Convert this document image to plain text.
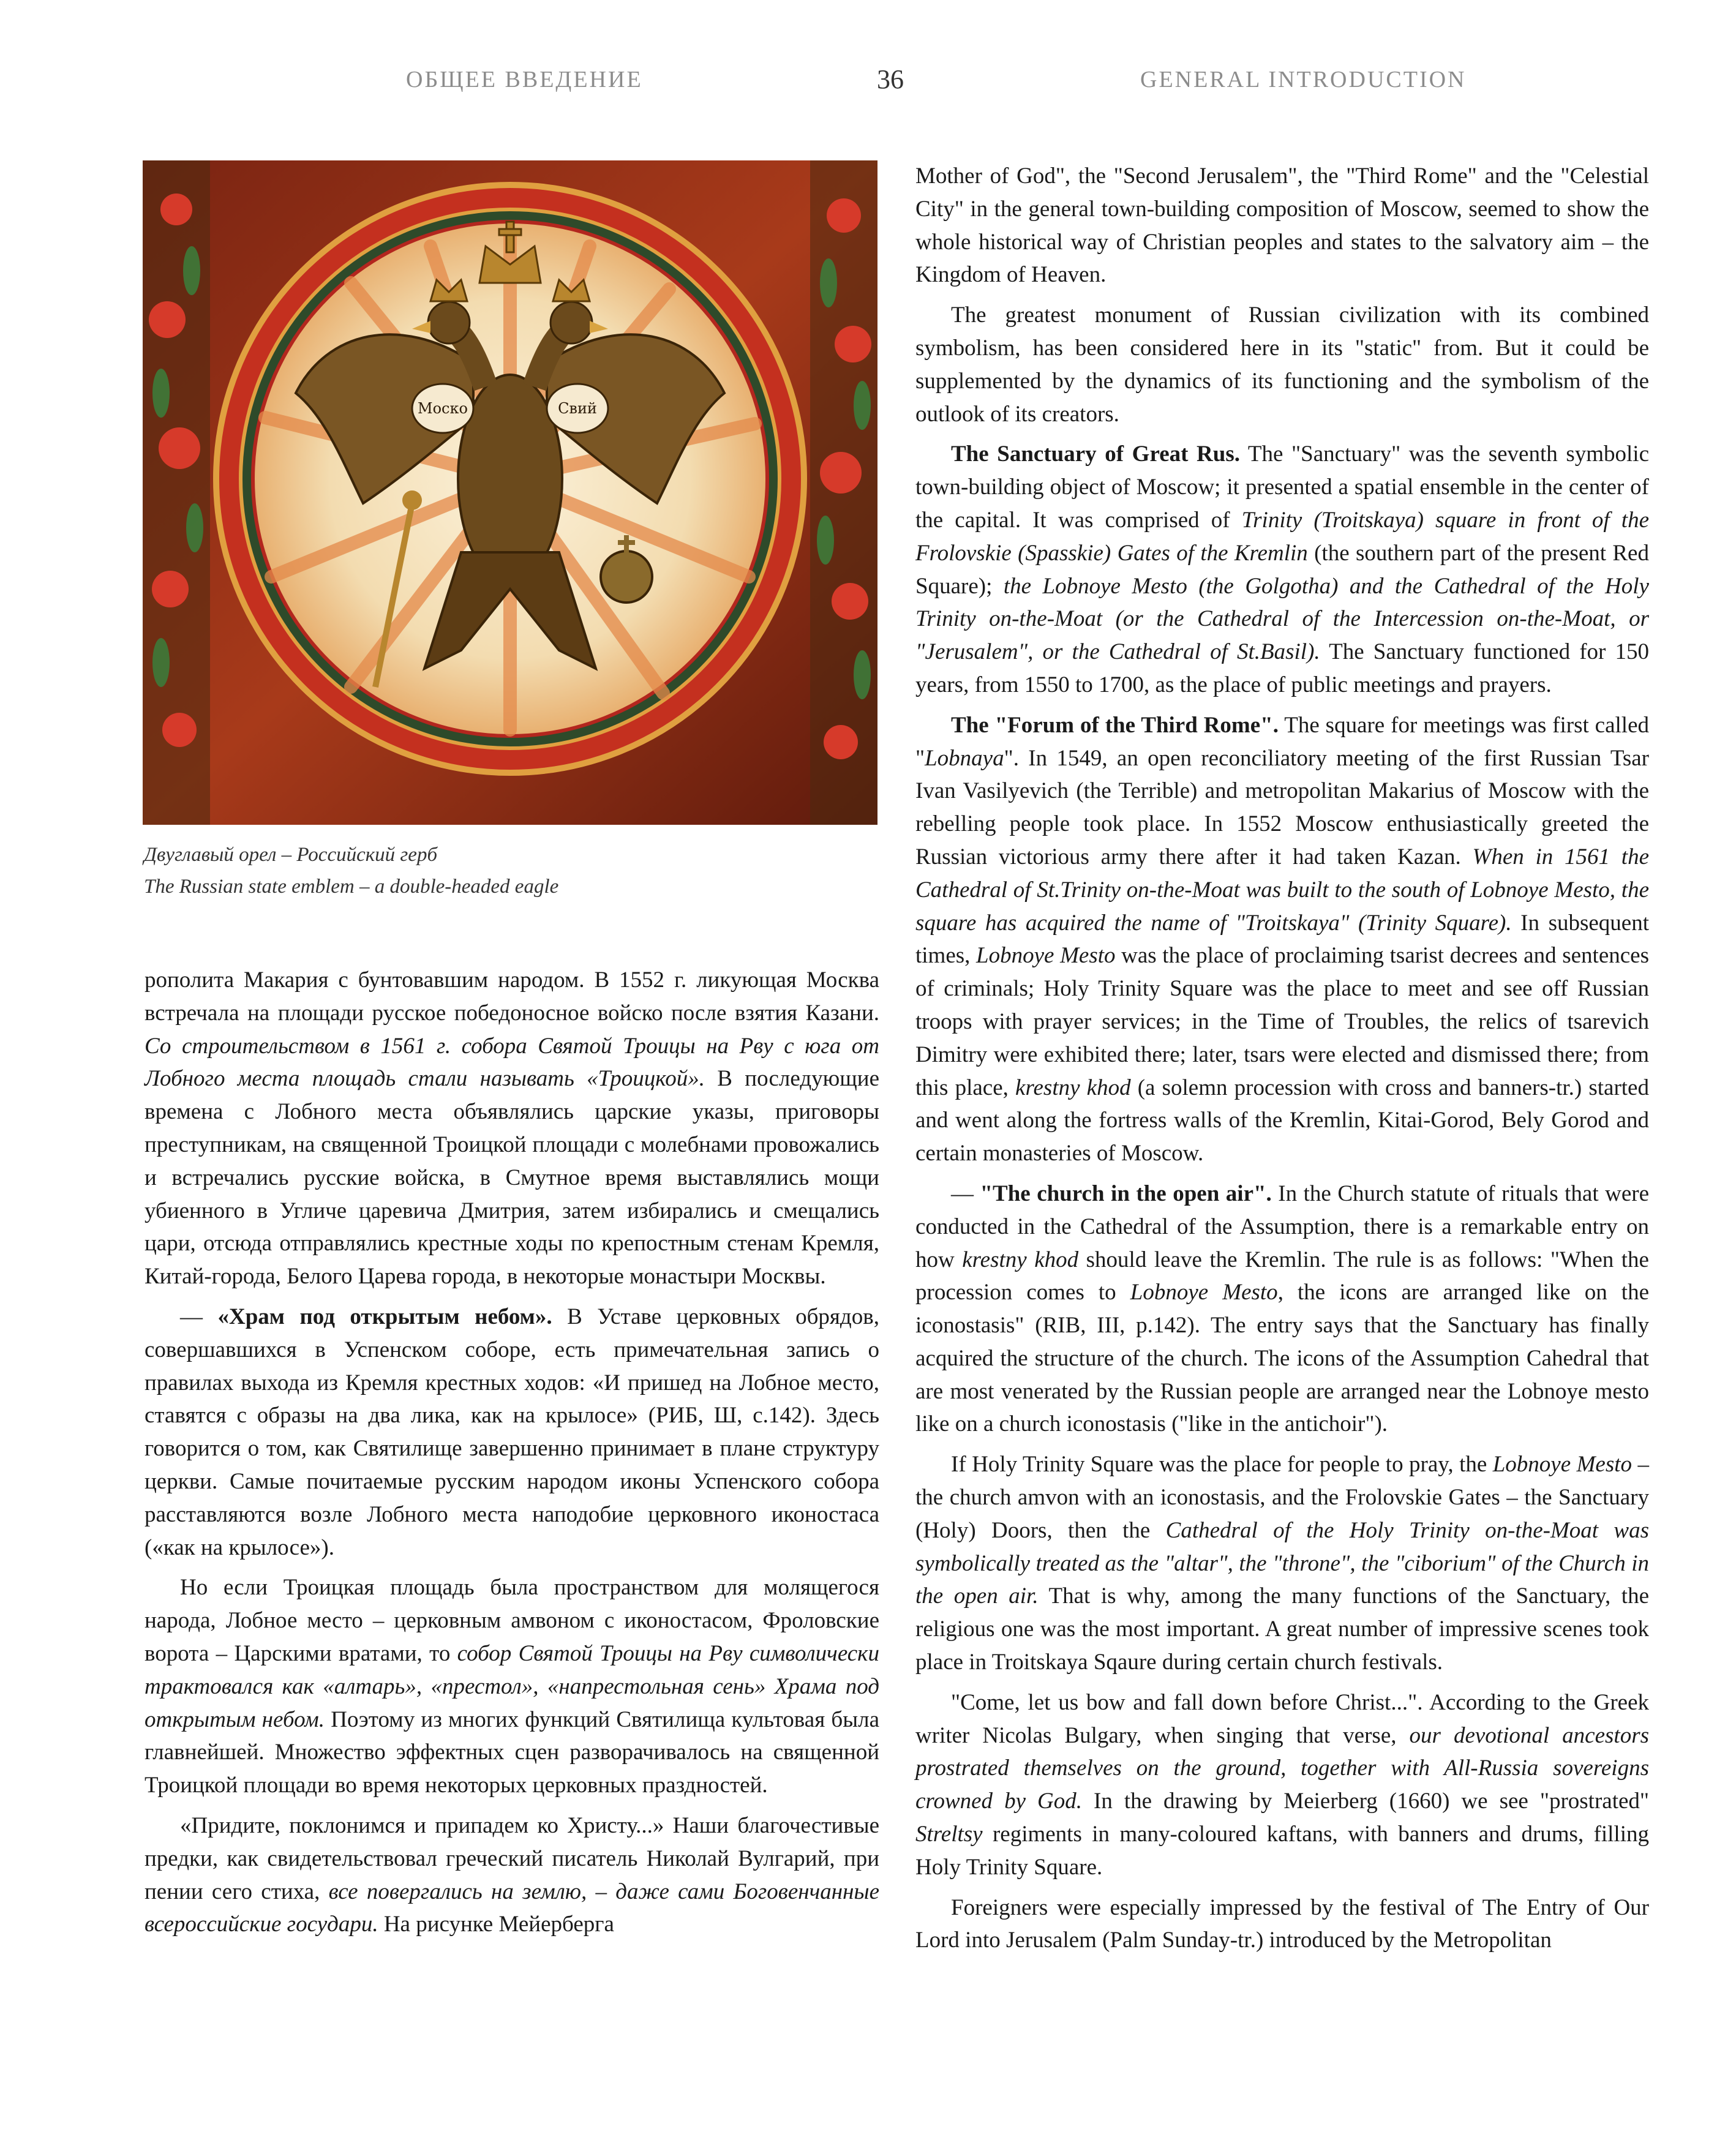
ОБЩЕЕ ВВЕДЕНИЕ	36	GENERAL INTRODUCTION
Моско	Свий
Двуглавый орел – Российский герб
The Russian state emblem – a double-headed eagle

рополита Макария с бунтовавшим народом. В 1552 г. ликующая Москва встречала на площади русское победоносное войско после взятия Казани. Со строительством в 1561 г. собора Святой Троицы на Рву с юга от Лобного места площадь стали называть «Троицкой». В последующие времена с Лобного места объявлялись царские указы, приговоры преступникам, на священной Троицкой площади с молебнами провожались и встречались русские войска, в Смутное время выставлялись мощи убиенного в Угличе царевича Дмитрия, затем избирались и смещались цари, отсюда отправлялись крестные ходы по крепостным стенам Кремля, Китай-города, Белого Царева города, в некоторые монастыри Москвы.

— «Храм под открытым небом». В Уставе церковных обрядов, совершавшихся в Успенском соборе, есть примечательная запись о правилах выхода из Кремля крестных ходов: «И пришед на Лобное место, ставятся с образы на два лика, как на крылосе» (РИБ, Ш, с.142). Здесь говорится о том, как Святилище завершенно принимает в плане структуру церкви. Самые почитаемые русским народом иконы Успенского собора расставляются возле Лобного места наподобие церковного иконостаса («как на крылосе»).

Но если Троицкая площадь была пространством для молящегося народа, Лобное место – церковным амвоном с иконостасом, Фроловские ворота – Царскими вратами, то собор Святой Троицы на Рву символически трактовался как «алтарь», «престол», «напрестольная сень» Храма под открытым небом. Поэтому из многих функций Святилища культовая была главнейшей. Множество эффектных сцен разворачивалось на священной Троицкой площади во время некоторых церковных праздностей.

«Придите, поклонимся и припадем ко Христу...» Наши благочестивые предки, как свидетельствовал греческий писатель Николай Вулгарий, при пении сего стиха, все повергались на землю, – даже сами Боговенчанные всероссийские государи. На рисунке Мейерберга

Mother of God", the "Second Jerusalem", the "Third Rome" and the "Celestial City" in the general town-building composition of Moscow, seemed to show the whole historical way of Christian peoples and states to the salvatory aim – the Kingdom of Heaven.

The greatest monument of Russian civilization with its combined symbolism, has been considered here in its "static" from. But it could be supplemented by the dynamics of its functioning and the symbolism of the outlook of its creators.

The Sanctuary of Great Rus. The "Sanctuary" was the seventh symbolic town-building object of Moscow; it presented a spatial ensemble in the center of the capital. It was comprised of Trinity (Troitskaya) square in front of the Frolovskie (Spasskie) Gates of the Kremlin (the southern part of the present Red Square); the Lobnoye Mesto (the Golgotha) and the Cathedral of the Holy Trinity on-the-Moat (or the Cathedral of the Intercession on-the-Moat, or "Jerusalem", or the Cathedral of St.Basil). The Sanctuary functioned for 150 years, from 1550 to 1700, as the place of public meetings and prayers.

The "Forum of the Third Rome". The square for meetings was first called "Lobnaya". In 1549, an open reconciliatory meeting of the first Russian Tsar Ivan Vasilyevich (the Terrible) and metropolitan Makarius of Moscow with the rebelling people took place. In 1552 Moscow enthusiastically greeted the Russian victorious army there after it had taken Kazan. When in 1561 the Cathedral of St.Trinity on-the-Moat was built to the south of Lobnoye Mesto, the square has acquired the name of "Troitskaya" (Trinity Square). In subsequent times, Lobnoye Mesto was the place of proclaiming tsarist decrees and sentences of criminals; Holy Trinity Square was the place to meet and see off Russian troops with prayer services; in the Time of Troubles, the relics of tsarevich Dimitry were exhibited there; later, tsars were elected and dismissed there; from this place, krestny khod (a solemn procession with cross and banners-tr.) started and went along the fortress walls of the Kremlin, Kitai-Gorod, Bely Gorod and certain monasteries of Moscow.

— "The church in the open air". In the Church statute of rituals that were conducted in the Cathedral of the Assumption, there is a remarkable entry on how krestny khod should leave the Kremlin. The rule is as follows: "When the procession comes to Lobnoye Mesto, the icons are arranged like on the iconostasis" (RIB, III, p.142). The entry says that the Sanctuary has finally acquired the structure of the church. The icons of the Assumption Cahedral that are most venerated by the Russian people are arranged near the Lobnoye mesto like on a church iconostasis ("like in the antichoir").

If Holy Trinity Square was the place for people to pray, the Lobnoye Mesto – the church amvon with an iconostasis, and the Frolovskie Gates – the Sanctuary (Holy) Doors, then the Cathedral of the Holy Trinity on-the-Moat was symbolically treated as the "altar", the "throne", the "ciborium" of the Church in the open air. That is why, among the many functions of the Sanctuary, the religious one was the most important. A great number of impressive scenes took place in Troitskaya Sqaure during certain church festivals.

"Come, let us bow and fall down before Christ...". According to the Greek writer Nicolas Bulgary, when singing that verse, our devotional ancestors prostrated themselves on the ground, together with All-Russia sovereigns crowned by God. In the drawing by Meierberg (1660) we see "prostrated" Streltsy regiments in many-coloured kaftans, with banners and drums, filling Holy Trinity Square.

Foreigners were especially impressed by the festival of The Entry of Our Lord into Jerusalem (Palm Sunday-tr.) introduced by the Metropolitan
